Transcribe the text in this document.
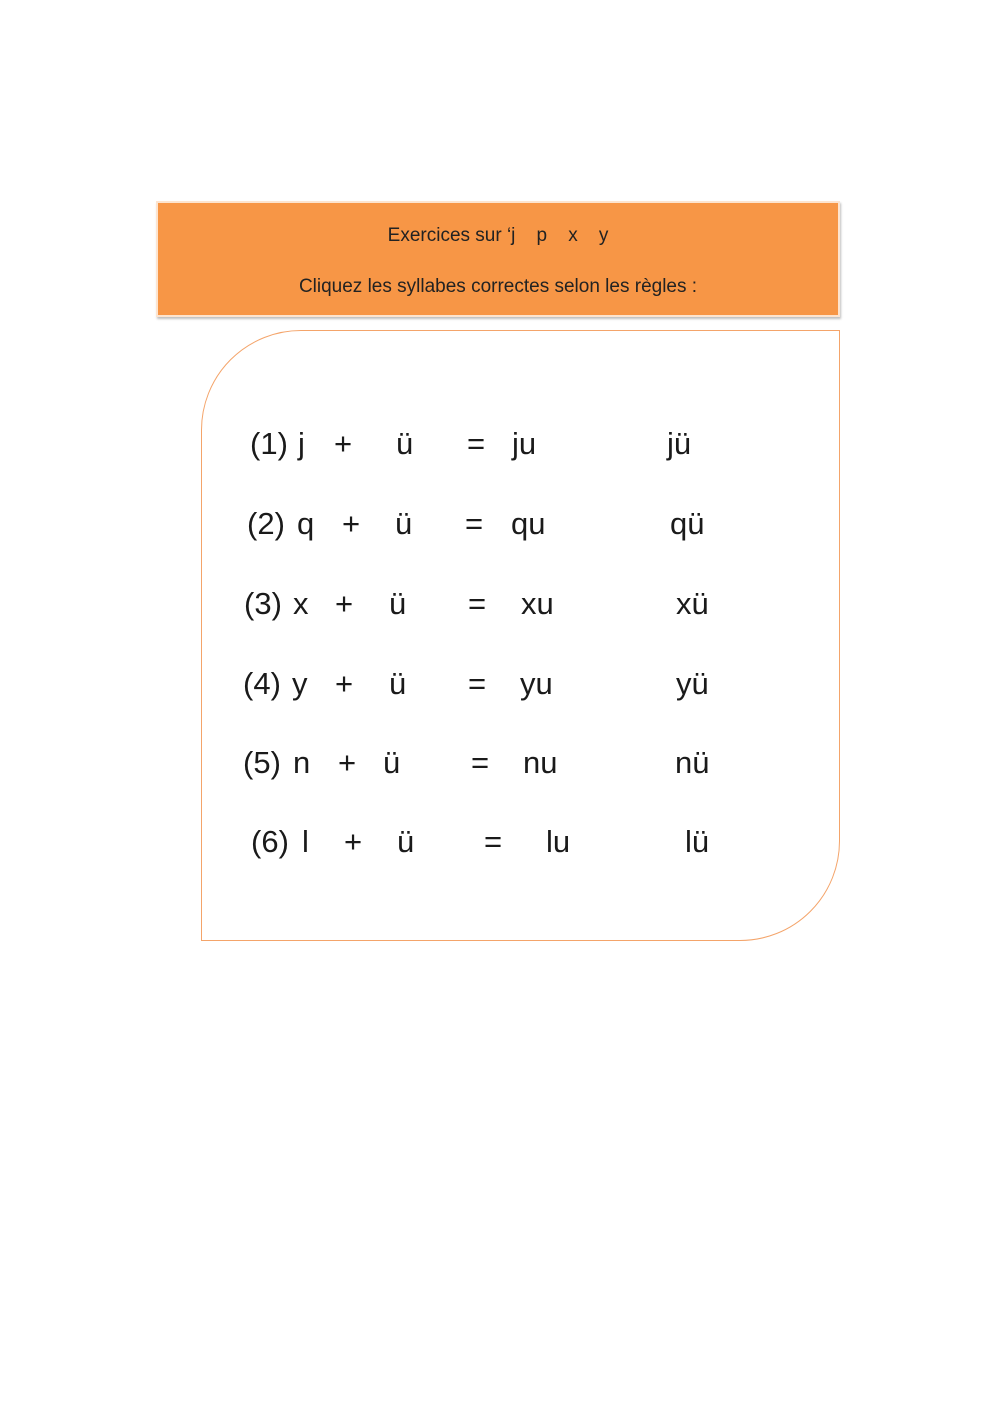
Exercices sur ‘j    p    x    y
Cliquez les syllabes correctes selon les règles :
(1) j + ü = ju	jü
(2) q + ü = qu	qü
(3) x + ü = xu	xü
(4) y + ü = yu	yü
(5) n + ü = nu	nü
(6) l + ü = lu	lü
